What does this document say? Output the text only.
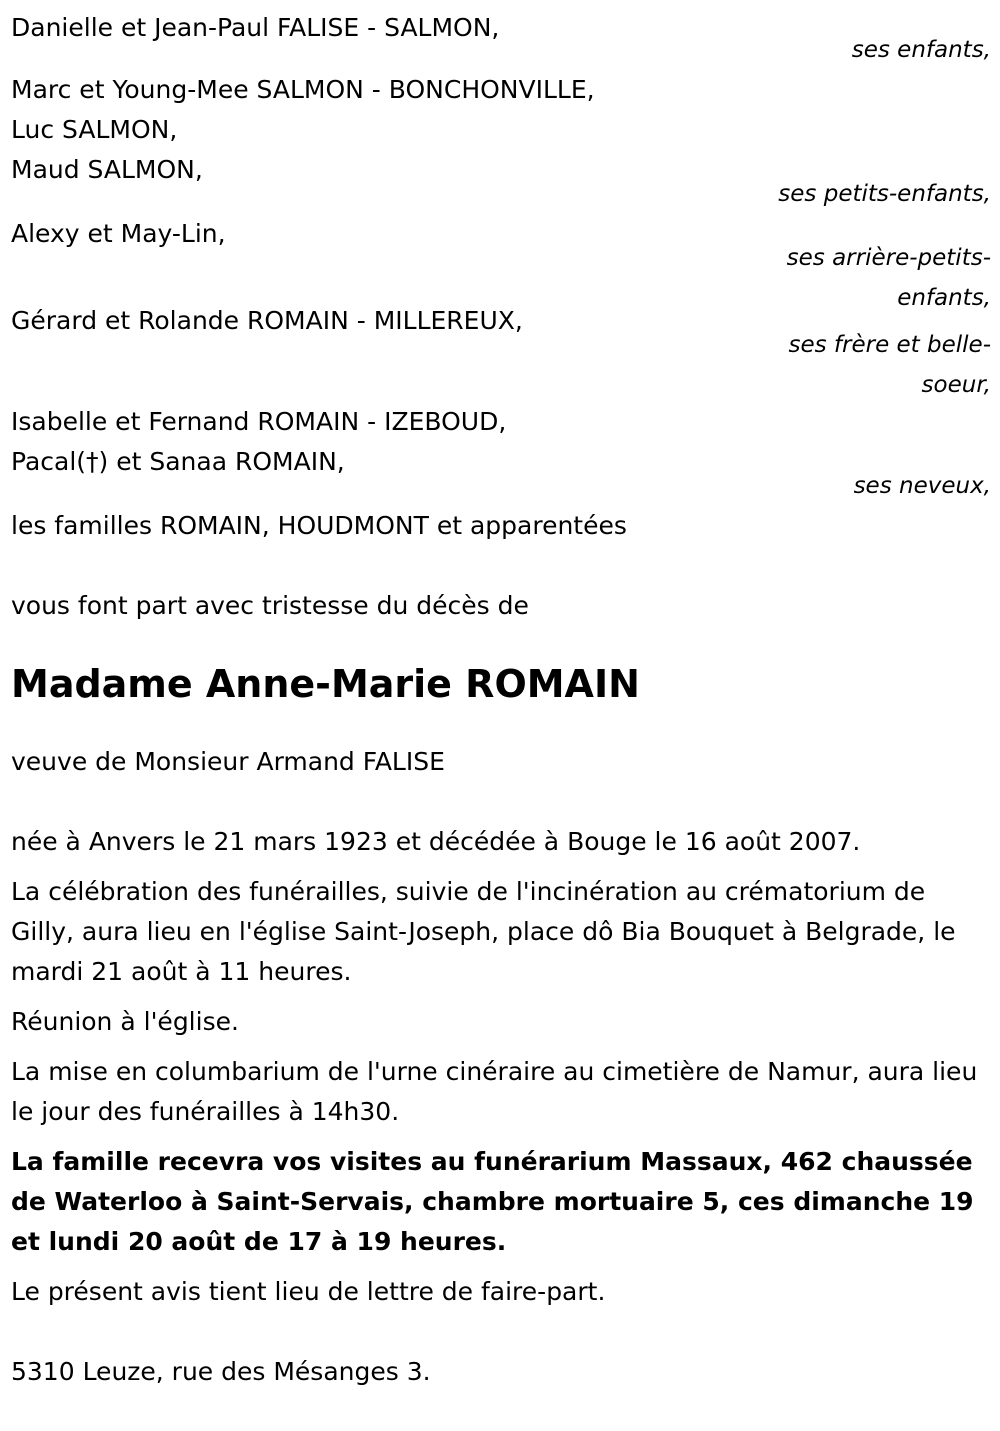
Danielle et Jean-Paul FALISE - SALMON,
ses enfants,
Marc et Young-Mee SALMON - BONCHONVILLE,
Luc SALMON,
Maud SALMON,
ses petits-enfants,
Alexy et May-Lin,
ses arrière-petits-
enfants,
Gérard et Rolande ROMAIN - MILLEREUX,
ses frère et belle-
soeur,
Isabelle et Fernand ROMAIN - IZEBOUD,
Pacal(†) et Sanaa ROMAIN,
ses neveux,
les familles ROMAIN, HOUDMONT et apparentées
vous font part avec tristesse du décès de
Madame Anne-Marie ROMAIN
veuve de Monsieur Armand FALISE
née à Anvers le 21 mars 1923 et décédée à Bouge le 16 août 2007.
La célébration des funérailles, suivie de l'incinération au crématorium de Gilly, aura lieu en l'église Saint-Joseph, place dô Bia Bouquet à Belgrade, le mardi 21 août à 11 heures.
Réunion à l'église.
La mise en columbarium de l'urne cinéraire au cimetière de Namur, aura lieu le jour des funérailles à 14h30.
La famille recevra vos visites au funérarium Massaux, 462 chaussée de Waterloo à Saint-Servais, chambre mortuaire 5, ces dimanche 19 et lundi 20 août de 17 à 19 heures.
Le présent avis tient lieu de lettre de faire-part.
5310 Leuze, rue des Mésanges 3.
